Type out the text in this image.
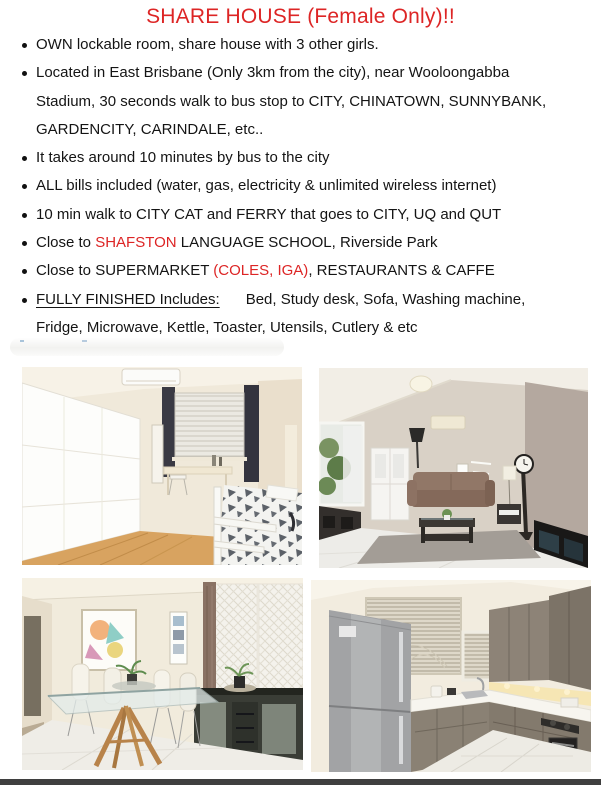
SHARE HOUSE (Female Only)!!
OWN lockable room, share house with 3 other girls.
Located in East Brisbane (Only 3km from the city), near Wooloongabba
Stadium, 30 seconds walk to bus stop to CITY, CHINATOWN, SUNNYBANK,
GARDENCITY, CARINDALE, etc..
It takes around 10 minutes by bus to the city
ALL bills included (water, gas, electricity & unlimited wireless internet)
10 min walk to CITY CAT and FERRY that goes to CITY, UQ and QUT
Close to SHAFSTON LANGUAGE SCHOOL, Riverside Park
Close to SUPERMARKET (COLES, IGA), RESTAURANTS & CAFFE
FULLY FINISHED Includes: Bed, Study desk, Sofa, Washing machine,
Fridge, Microwave, Kettle, Toaster, Utensils, Cutlery & etc
